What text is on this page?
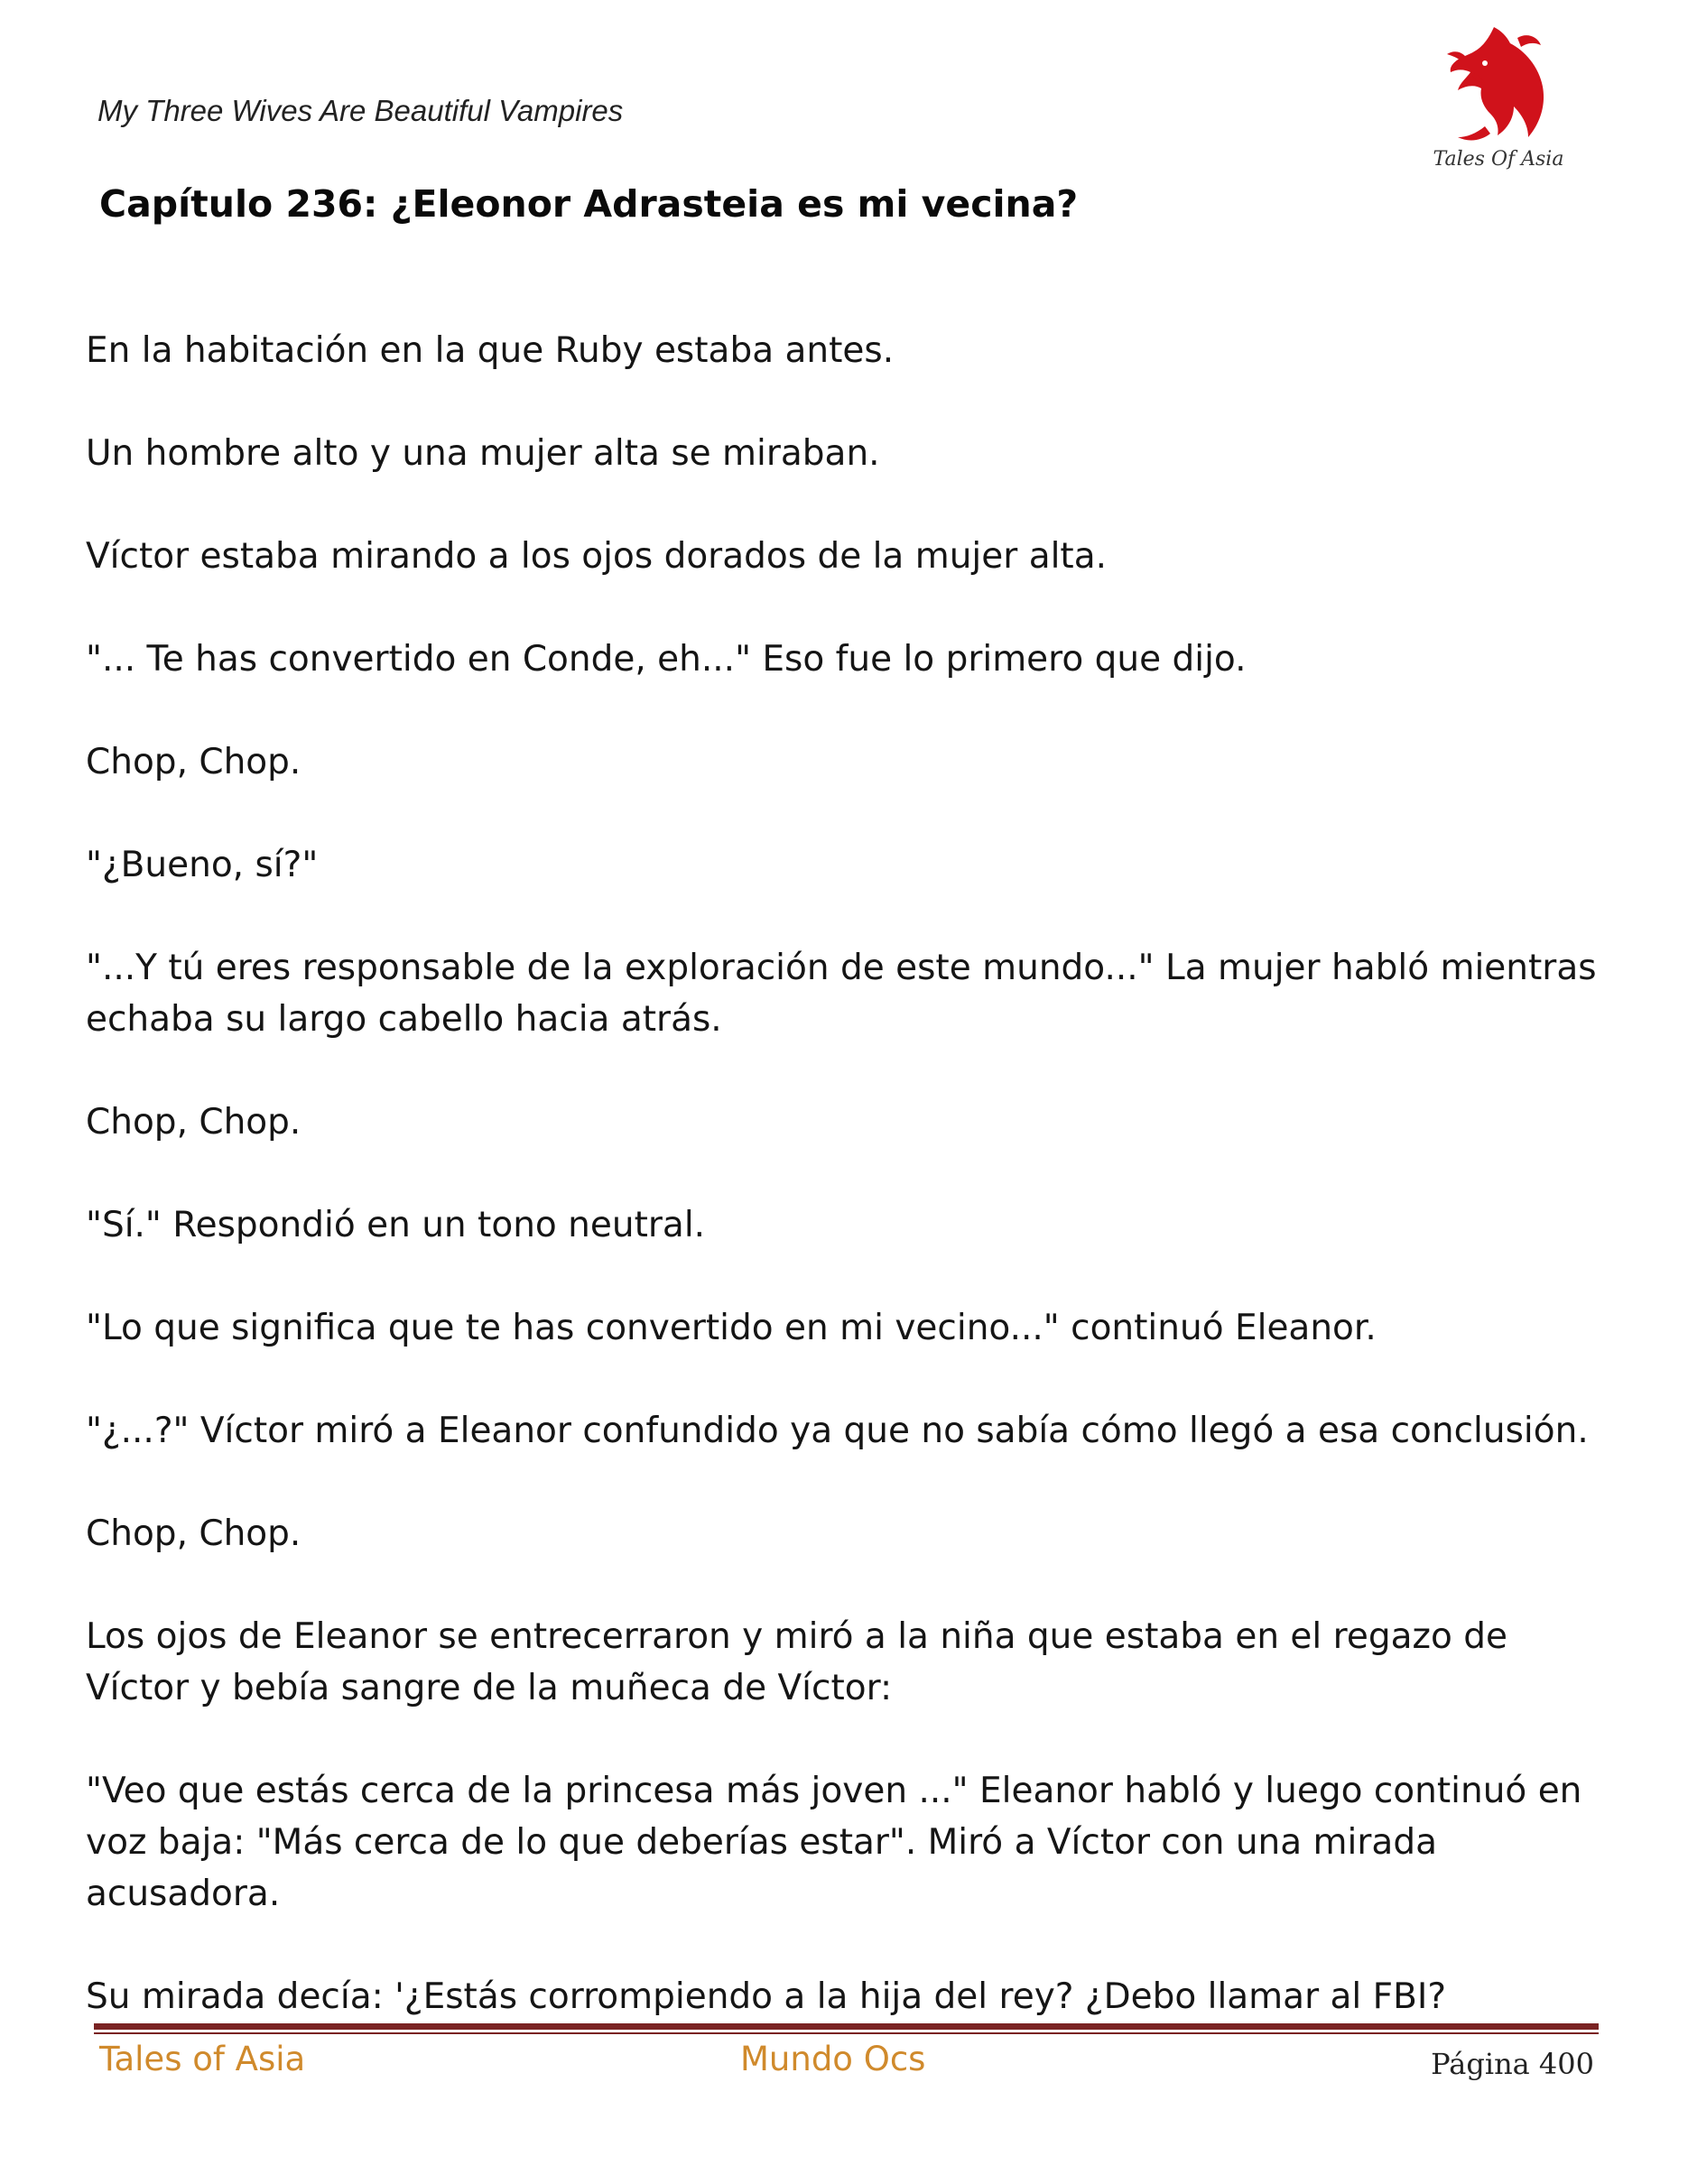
My Three Wives Are Beautiful Vampires
Tales Of Asia
Capítulo 236: ¿Eleonor Adrasteia es mi vecina?

En la habitación en la que Ruby estaba antes.

Un hombre alto y una mujer alta se miraban.

Víctor estaba mirando a los ojos dorados de la mujer alta.

"... Te has convertido en Conde, eh..." Eso fue lo primero que dijo.

Chop, Chop.

"¿Bueno, sí?"

"...Y tú eres responsable de la exploración de este mundo..." La mujer habló mientras echaba su largo cabello hacia atrás.

Chop, Chop.

"Sí." Respondió en un tono neutral.

"Lo que significa que te has convertido en mi vecino..." continuó Eleanor.

"¿...?" Víctor miró a Eleanor confundido ya que no sabía cómo llegó a esa conclusión.

Chop, Chop.

Los ojos de Eleanor se entrecerraron y miró a la niña que estaba en el regazo de Víctor y bebía sangre de la muñeca de Víctor:

"Veo que estás cerca de la princesa más joven ..." Eleanor habló y luego continuó en voz baja: "Más cerca de lo que deberías estar". Miró a Víctor con una mirada acusadora.

Su mirada decía: '¿Estás corrompiendo a la hija del rey? ¿Debo llamar al FBI?

Tales of Asia	Mundo Ocs	Página 400
